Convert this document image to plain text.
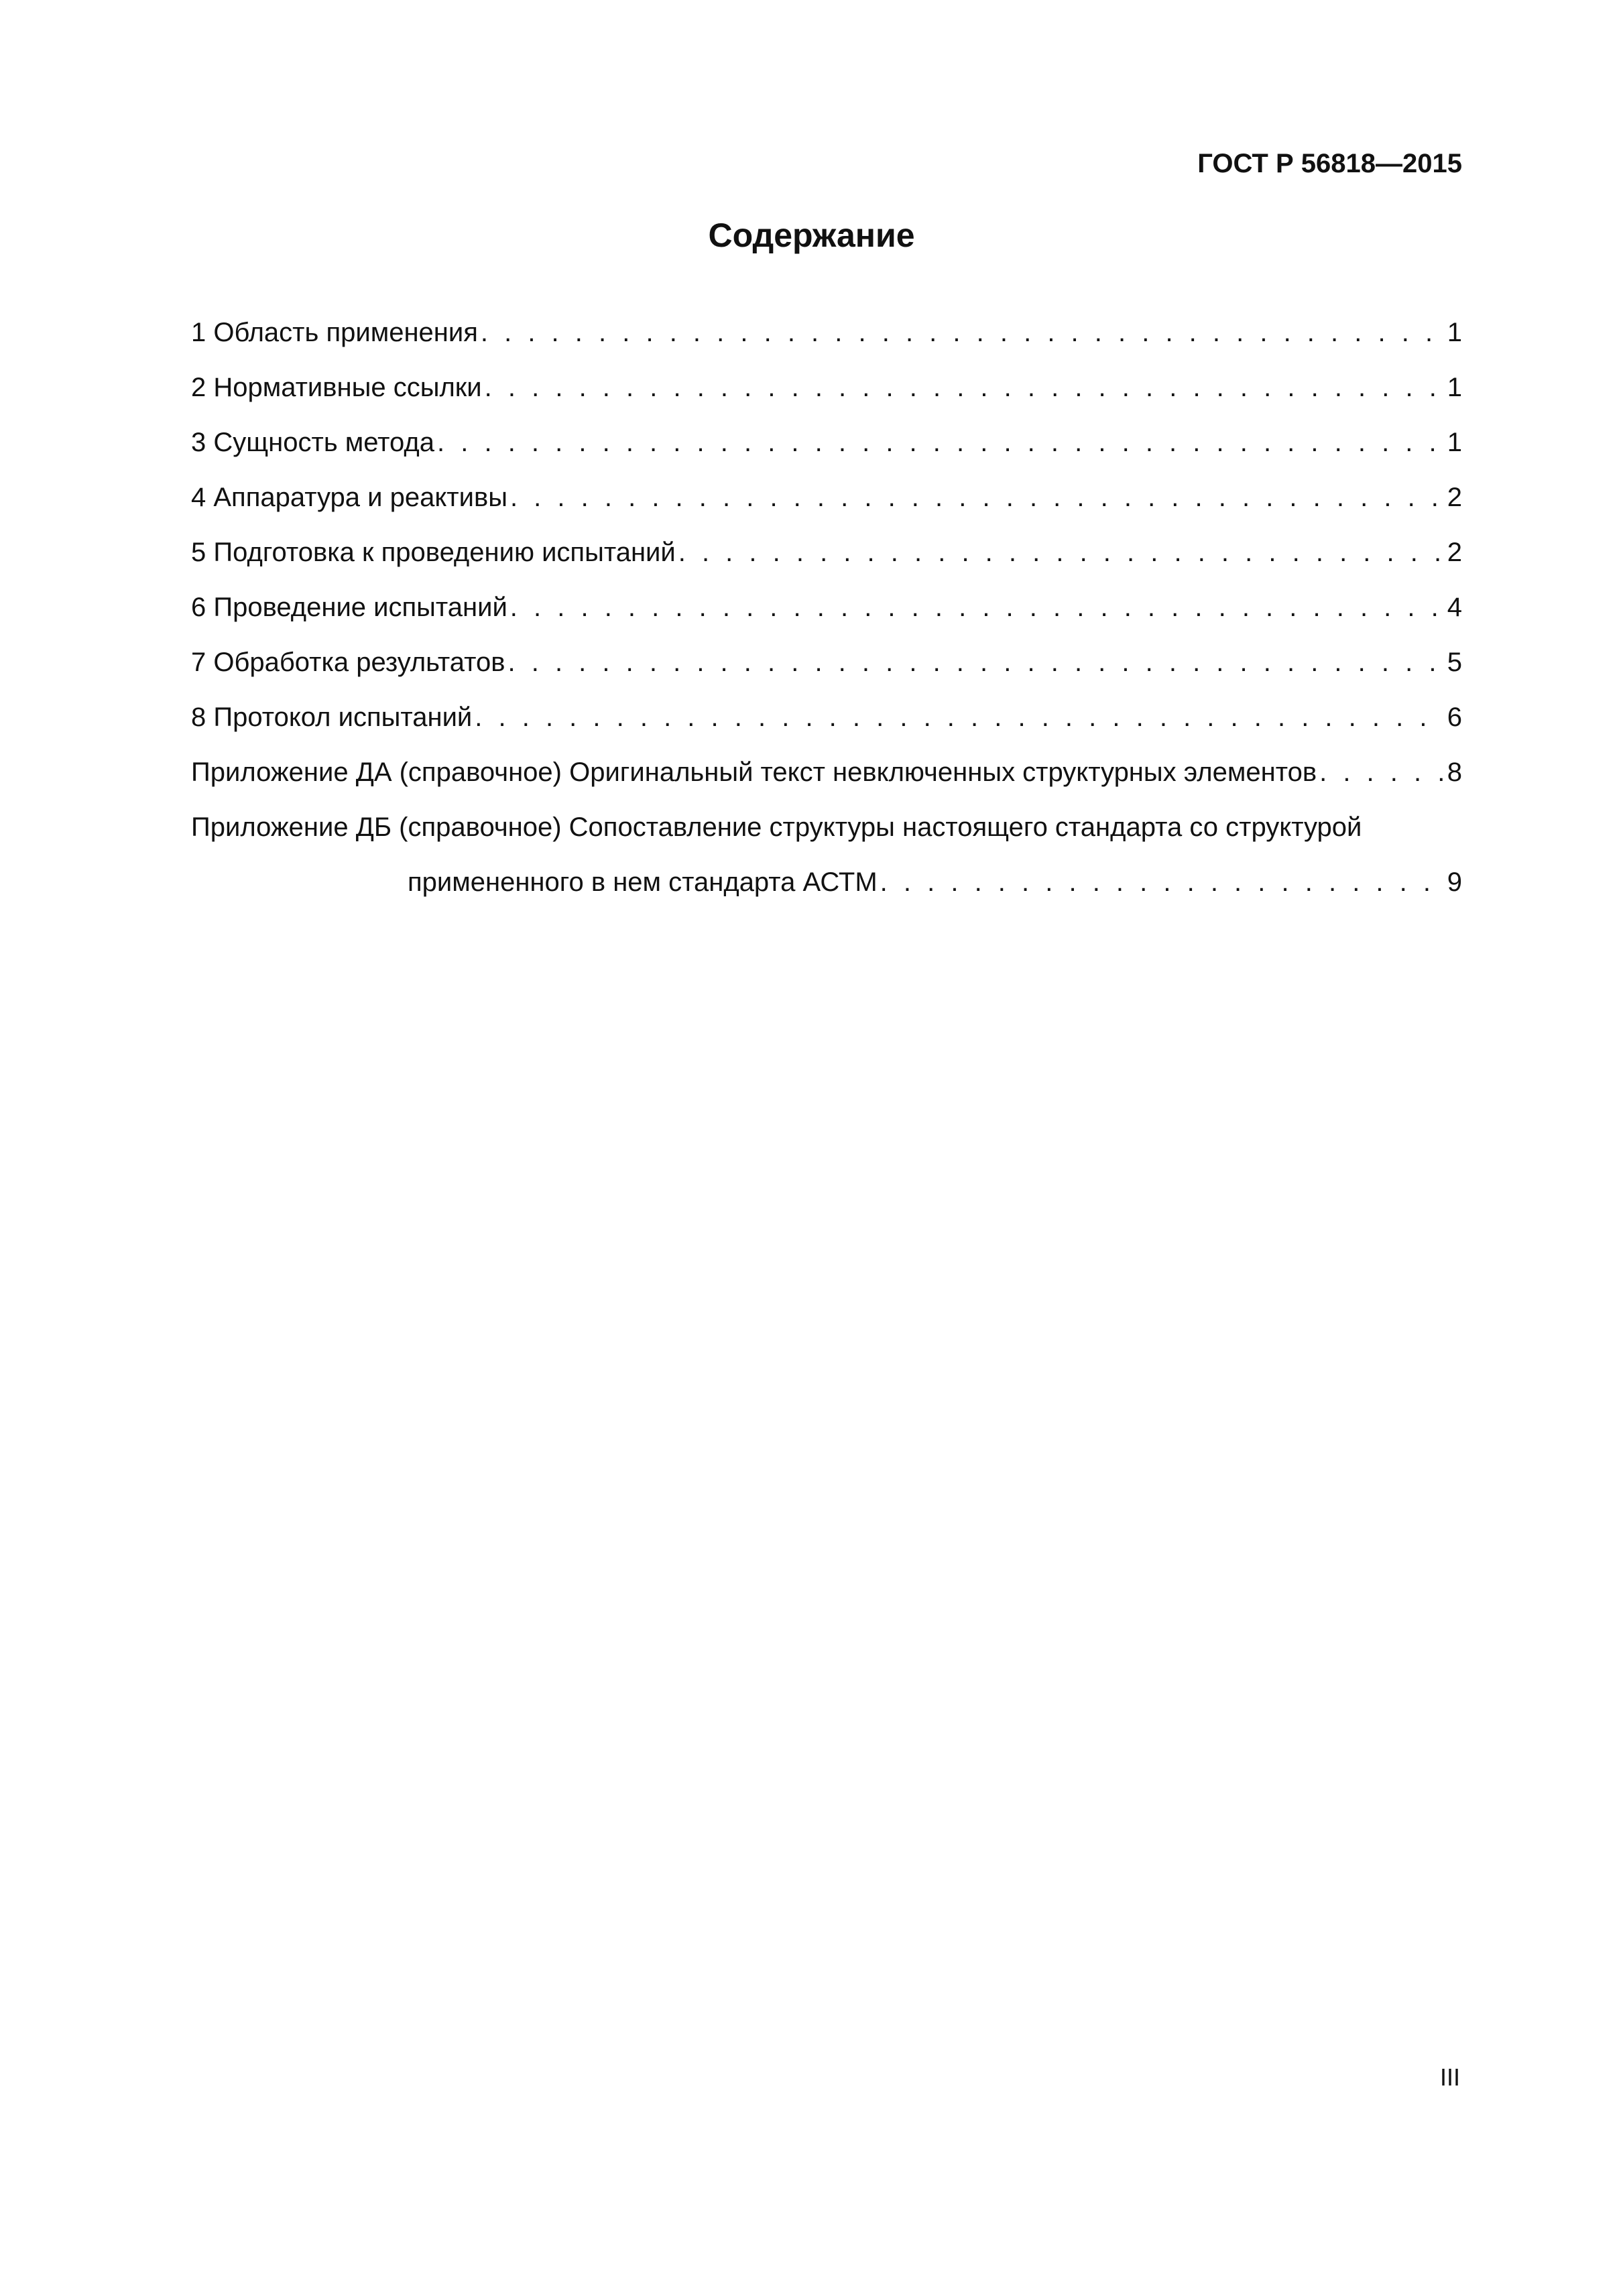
ГОСТ Р 56818—2015
Содержание
1 Область применения . . .	1
2 Нормативные ссылки . . .	1
3 Сущность метода . . .	1
4 Аппаратура и реактивы . . .	2
5 Подготовка к проведению испытаний . . .	2
6 Проведение испытаний . . .	4
7 Обработка результатов . . .	5
8 Протокол испытаний . . .	6
Приложение ДА (справочное) Оригинальный текст невключенных структурных элементов . . .	8
Приложение ДБ (справочное) Сопоставление структуры настоящего стандарта со структурой
примененного в нем стандарта АСТМ . . .	9
III
